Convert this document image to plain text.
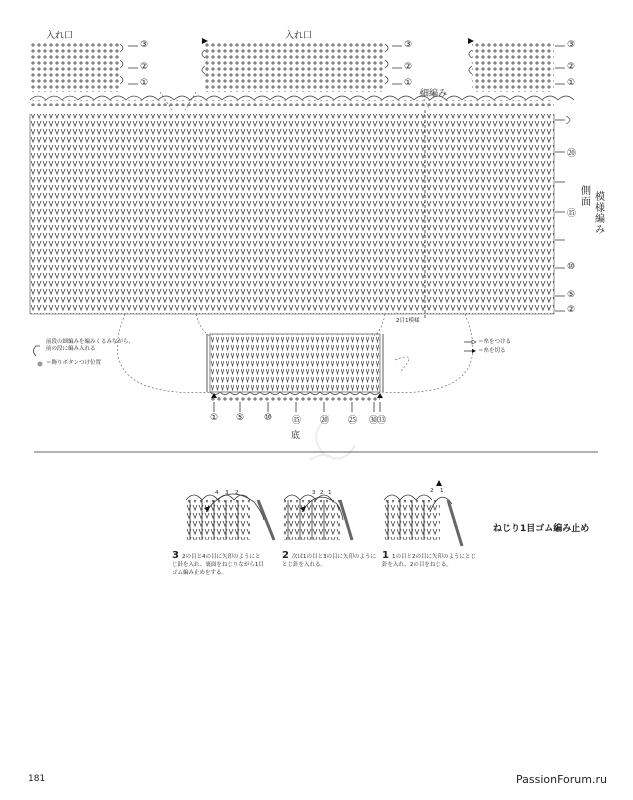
入れ口	入れ口
細編み
③
②
①
③
②
①
③
②
①
⑳
⑮
⑩
⑤
②
側面 模様編み
2目1模様
前段の細編みを編みくるみながら、前の段に編み入れる
＝飾りボタンつけ位置
＝糸をつける
＝糸を切る
① ⑤ ⑩ ⑮ ⑳ ㉕ ㉚
㉝
底
ねじり1目ゴム編み止め
4 3 2	3 2 1	2 1
3 2の目と4の目に矢印のようにと じ針を入れ、裏面をねじりながら1目ゴム編み止めをする。
2 次は1の目と3の目に矢印のように とじ針を入れる。
1 1の目と2の目に矢印のようにとじ針を入れ、2の目をねじる。
181	PassionForum.ru
